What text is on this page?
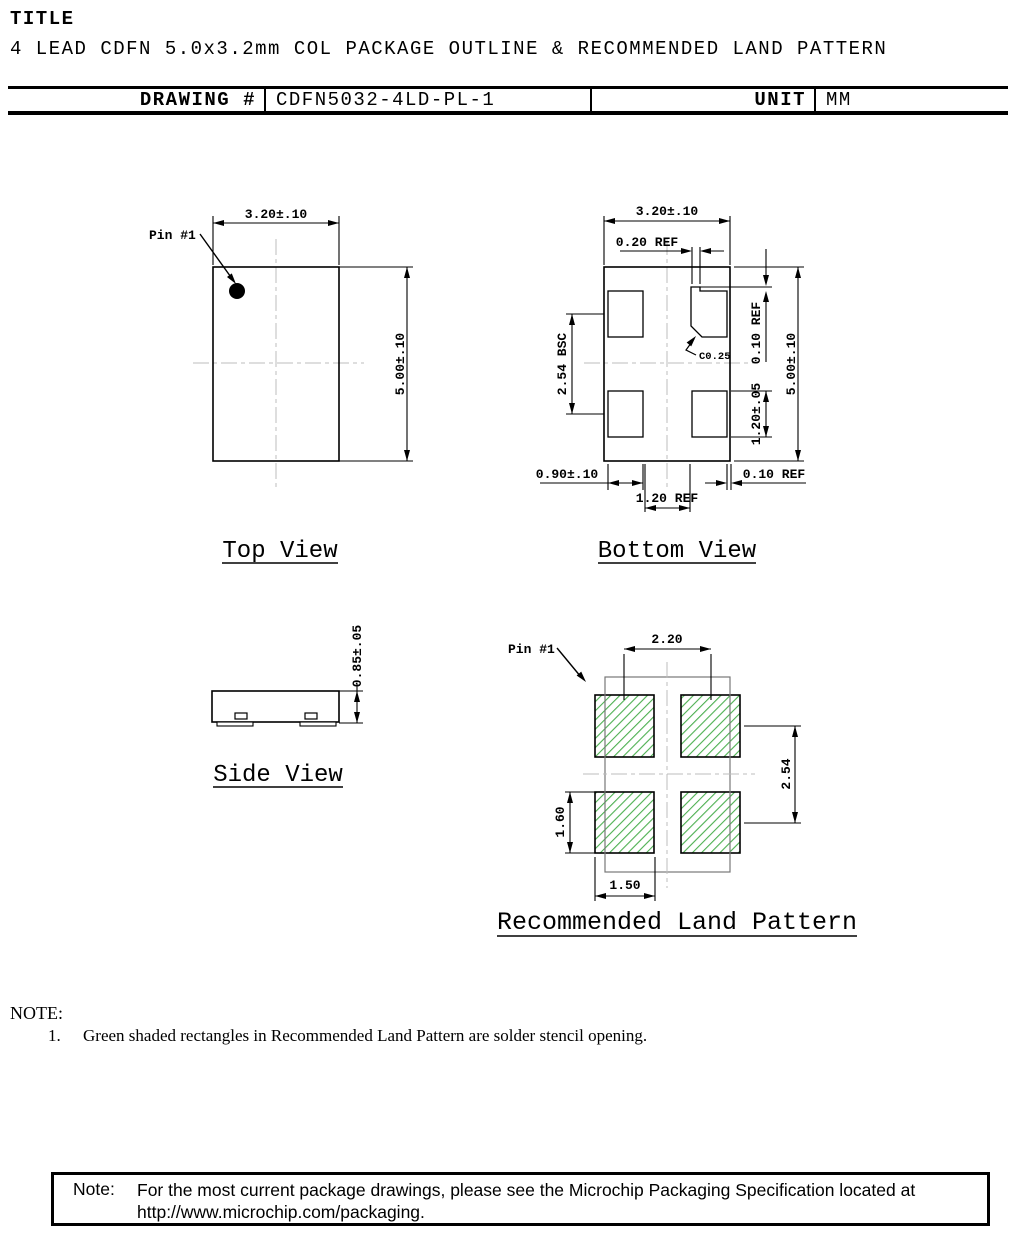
TITLE
4 LEAD CDFN 5.0x3.2mm COL PACKAGE OUTLINE & RECOMMENDED LAND PATTERN
DRAWING #	CDFN5032-4LD-PL-1	UNIT	MM
3.20±.10
5.00±.10
Pin #1
Top View
C0.25
3.20±.10
0.20 REF
0.10 REF 5.00±.10
2.54 BSC
1.20±.05
0.90±.10
1.20 REF
0.10 REF
Bottom View
0.85±.05
Side View
2.20
2.54
1.60
1.50
Pin #1
Recommended Land Pattern
NOTE:
1.	Green shaded rectangles in Recommended Land Pattern are solder stencil opening.
Note:	For the most current package drawings, please see the Microchip Packaging Specification located at http://www.microchip.com/packaging.
